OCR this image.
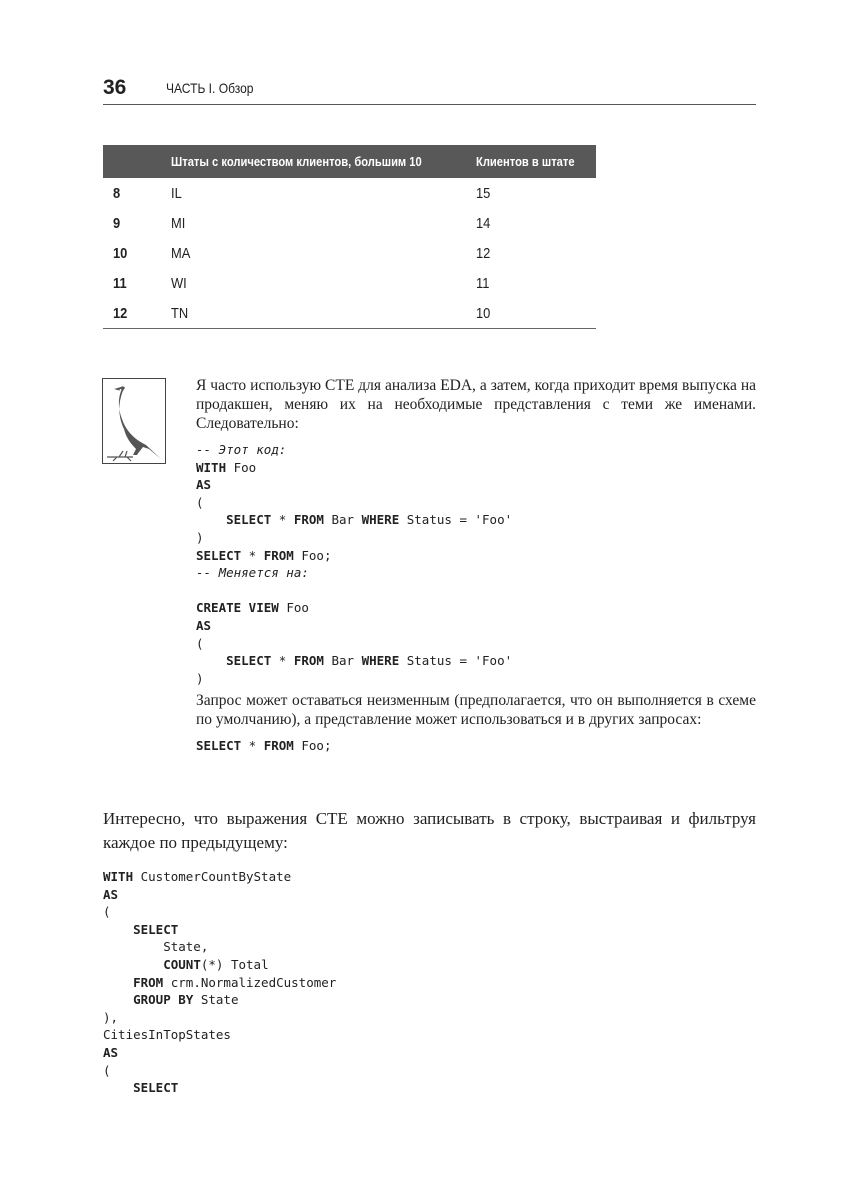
36	ЧАСТЬ I. Обзор
	Штаты с количеством клиентов, большим 10	Клиентов в штате
8	IL	15
9	MI	14
10	MA	12
11	WI	11
12	TN	10

Я часто использую CTE для анализа EDA, а затем, когда приходит время выпуска на продакшен, меняю их на необходимые представления с теми же именами. Следовательно:

-- Этот код:
WITH Foo
AS
(
SELECT * FROM Bar WHERE Status = 'Foo'
)
SELECT * FROM Foo;
-- Меняется на:

CREATE VIEW Foo
AS
(
SELECT * FROM Bar WHERE Status = 'Foo'
)

Запрос может оставаться неизменным (предполагается, что он выполняется в схеме по умолчанию), а представление может использоваться и в других запросах:

SELECT * FROM Foo;

Интересно, что выражения CTE можно записывать в строку, выстраивая и фильтруя каждое по предыдущему:

WITH CustomerCountByState
AS
(
SELECT
State,
COUNT(*) Total
FROM crm.NormalizedCustomer
GROUP BY State
),
CitiesInTopStates
AS
(
SELECT
